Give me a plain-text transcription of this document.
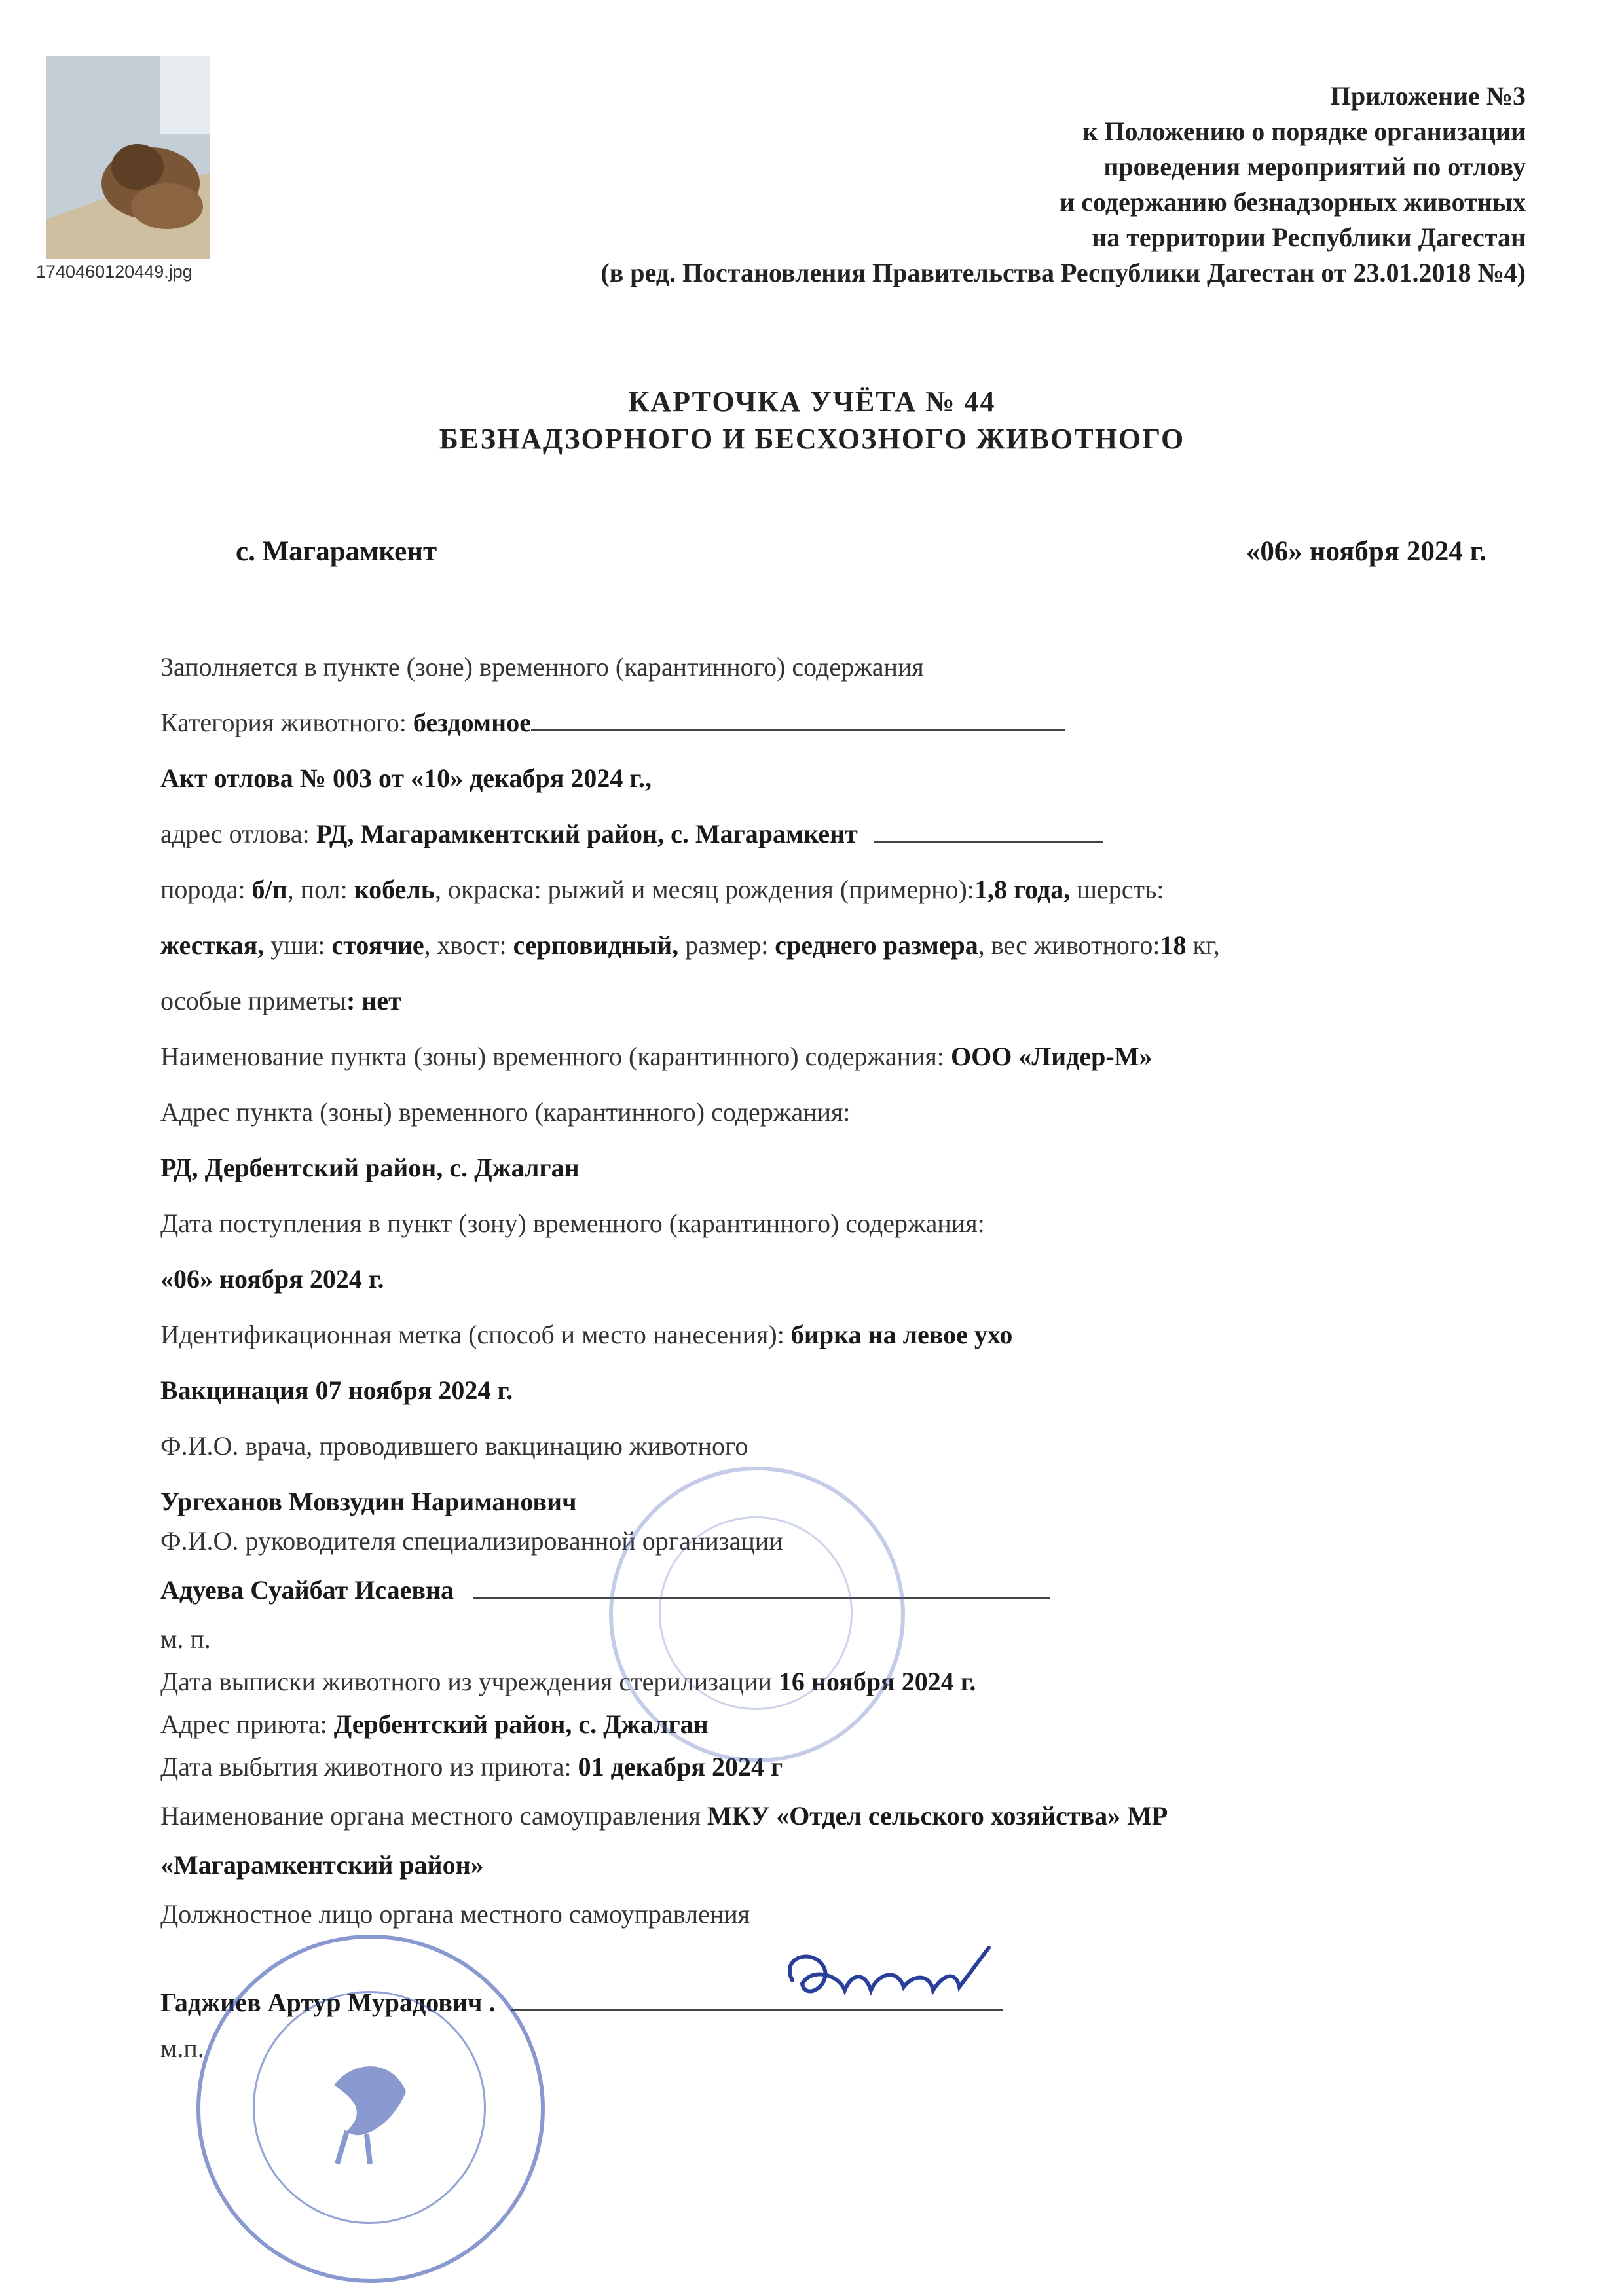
1740460120449.jpg
Приложение №3
к Положению о порядке организации
проведения мероприятий по отлову
и содержанию безнадзорных животных
на территории Республики Дагестан
(в ред. Постановления Правительства Республики Дагестан от 23.01.2018 №4)
КАРТОЧКА УЧЁТА № 44
БЕЗНАДЗОРНОГО И БЕСХОЗНОГО ЖИВОТНОГО
с. Магарамкент	«06» ноября 2024 г.
Заполняется в пункте (зоне) временного (карантинного) содержания
Категория животного: бездомное
Акт отлова № 003 от «10» декабря 2024 г.,
адрес отлова: РД, Магарамкентский район, с. Магарамкент
порода: б/п, пол: кобель, окраска: рыжий и месяц рождения (примерно):1,8 года, шерсть:
жесткая, уши: стоячие, хвост: серповидный, размер: среднего размера, вес животного:18 кг,
особые приметы: нет
Наименование пункта (зоны) временного (карантинного) содержания: ООО «Лидер-М»
Адрес пункта (зоны) временного (карантинного) содержания:
РД, Дербентский район, с. Джалган
Дата поступления в пункт (зону) временного (карантинного) содержания:
«06» ноября 2024 г.
Идентификационная метка (способ и место нанесения): бирка на левое ухо
Вакцинация 07 ноября 2024 г.
Ф.И.О. врача, проводившего вакцинацию животного
Ургеханов Мовзудин Нариманович
Ф.И.О. руководителя специализированной организации
Адуева Суайбат Исаевна
м. п.
Дата выписки животного из учреждения стерилизации 16 ноября 2024 г.
Адрес приюта: Дербентский район, с. Джалган
Дата выбытия животного из приюта: 01 декабря 2024 г
Наименование органа местного самоуправления МКУ «Отдел сельского хозяйства» МР
«Магарамкентский район»
Должностное лицо органа местного самоуправления
Гаджиев Артур Мурадович .
м.п.
